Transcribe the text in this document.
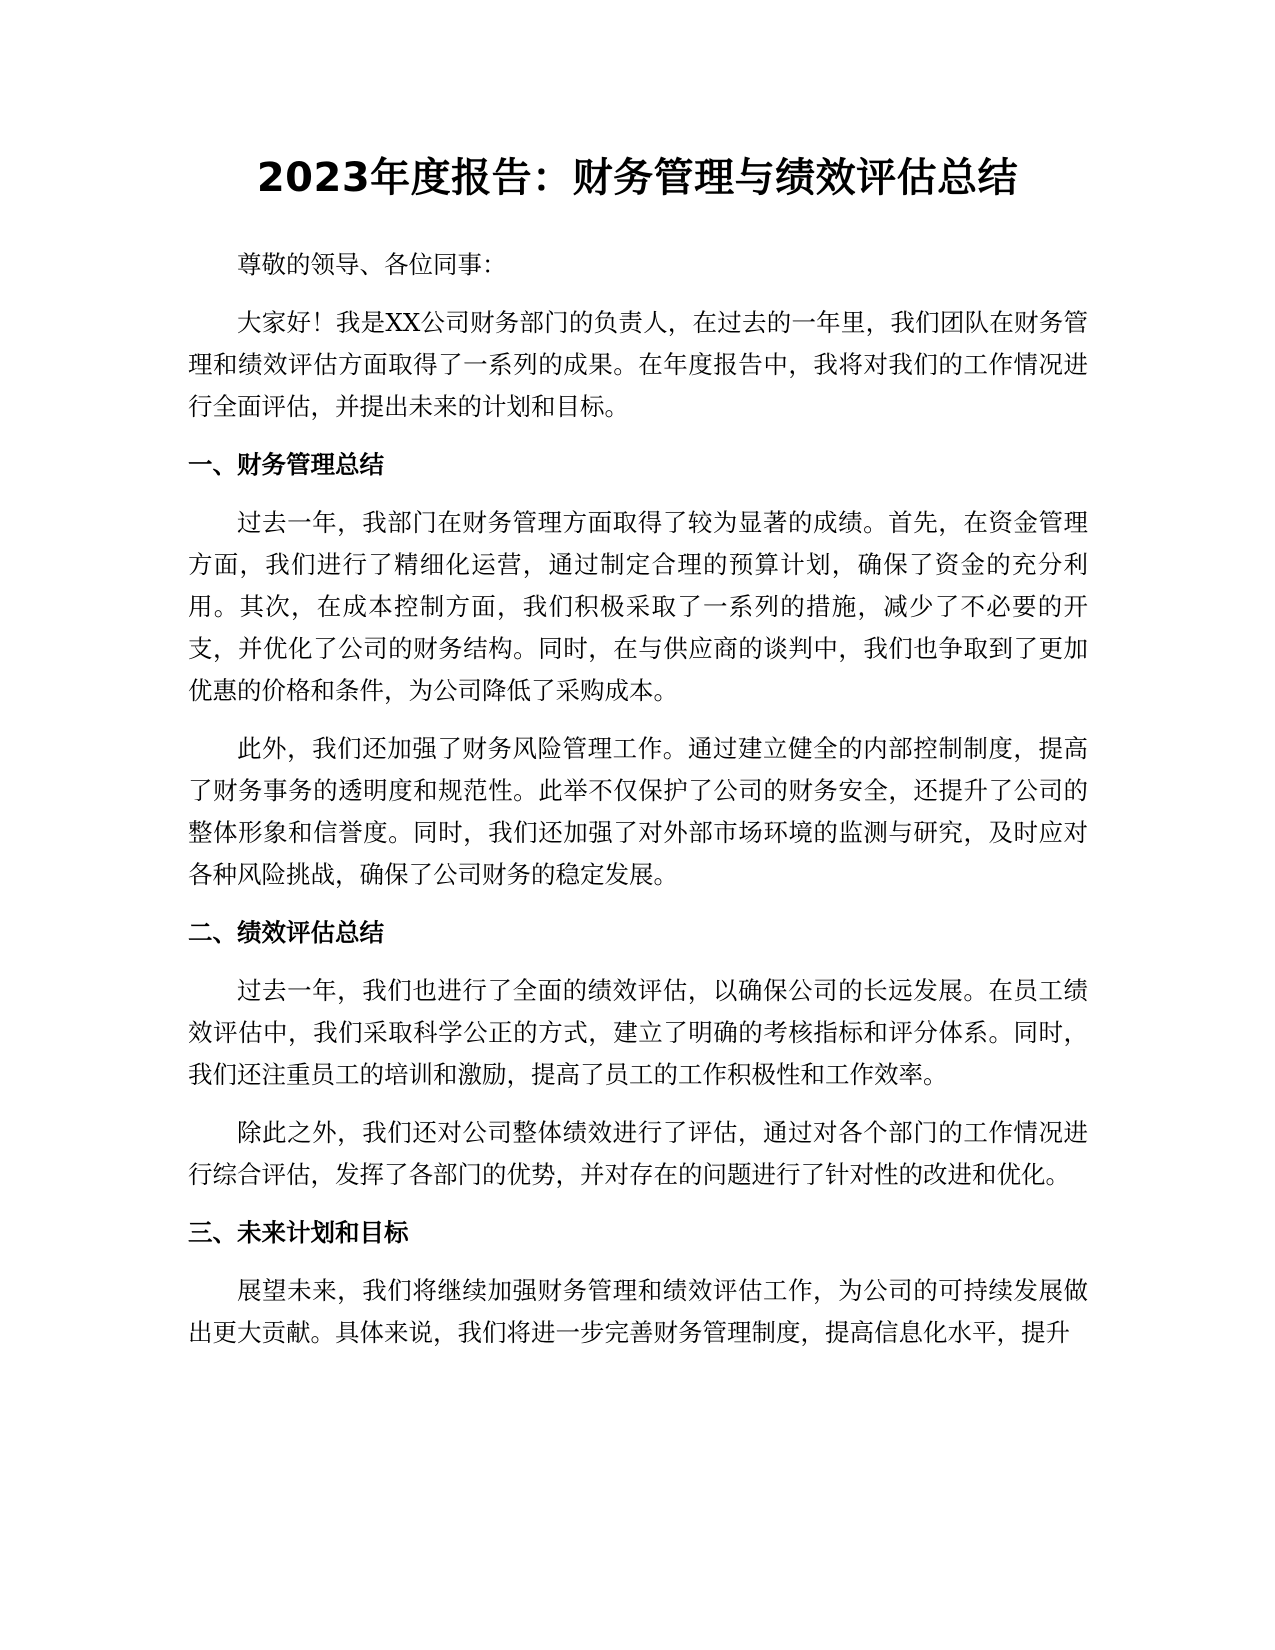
2023年度报告：财务管理与绩效评估总结

尊敬的领导、各位同事：

大家好！我是XX公司财务部门的负责人，在过去的一年里，我们团队在财务管理和绩效评估方面取得了一系列的成果。在年度报告中，我将对我们的工作情况进行全面评估，并提出未来的计划和目标。

一、财务管理总结

过去一年，我部门在财务管理方面取得了较为显著的成绩。首先，在资金管理方面，我们进行了精细化运营，通过制定合理的预算计划，确保了资金的充分利用。其次，在成本控制方面，我们积极采取了一系列的措施，减少了不必要的开支，并优化了公司的财务结构。同时，在与供应商的谈判中，我们也争取到了更加优惠的价格和条件，为公司降低了采购成本。

此外，我们还加强了财务风险管理工作。通过建立健全的内部控制制度，提高了财务事务的透明度和规范性。此举不仅保护了公司的财务安全，还提升了公司的整体形象和信誉度。同时，我们还加强了对外部市场环境的监测与研究，及时应对各种风险挑战，确保了公司财务的稳定发展。

二、绩效评估总结

过去一年，我们也进行了全面的绩效评估，以确保公司的长远发展。在员工绩效评估中，我们采取科学公正的方式，建立了明确的考核指标和评分体系。同时，我们还注重员工的培训和激励，提高了员工的工作积极性和工作效率。

除此之外，我们还对公司整体绩效进行了评估，通过对各个部门的工作情况进行综合评估，发挥了各部门的优势，并对存在的问题进行了针对性的改进和优化。

三、未来计划和目标

展望未来，我们将继续加强财务管理和绩效评估工作，为公司的可持续发展做出更大贡献。具体来说，我们将进一步完善财务管理制度，提高信息化水平，提升
